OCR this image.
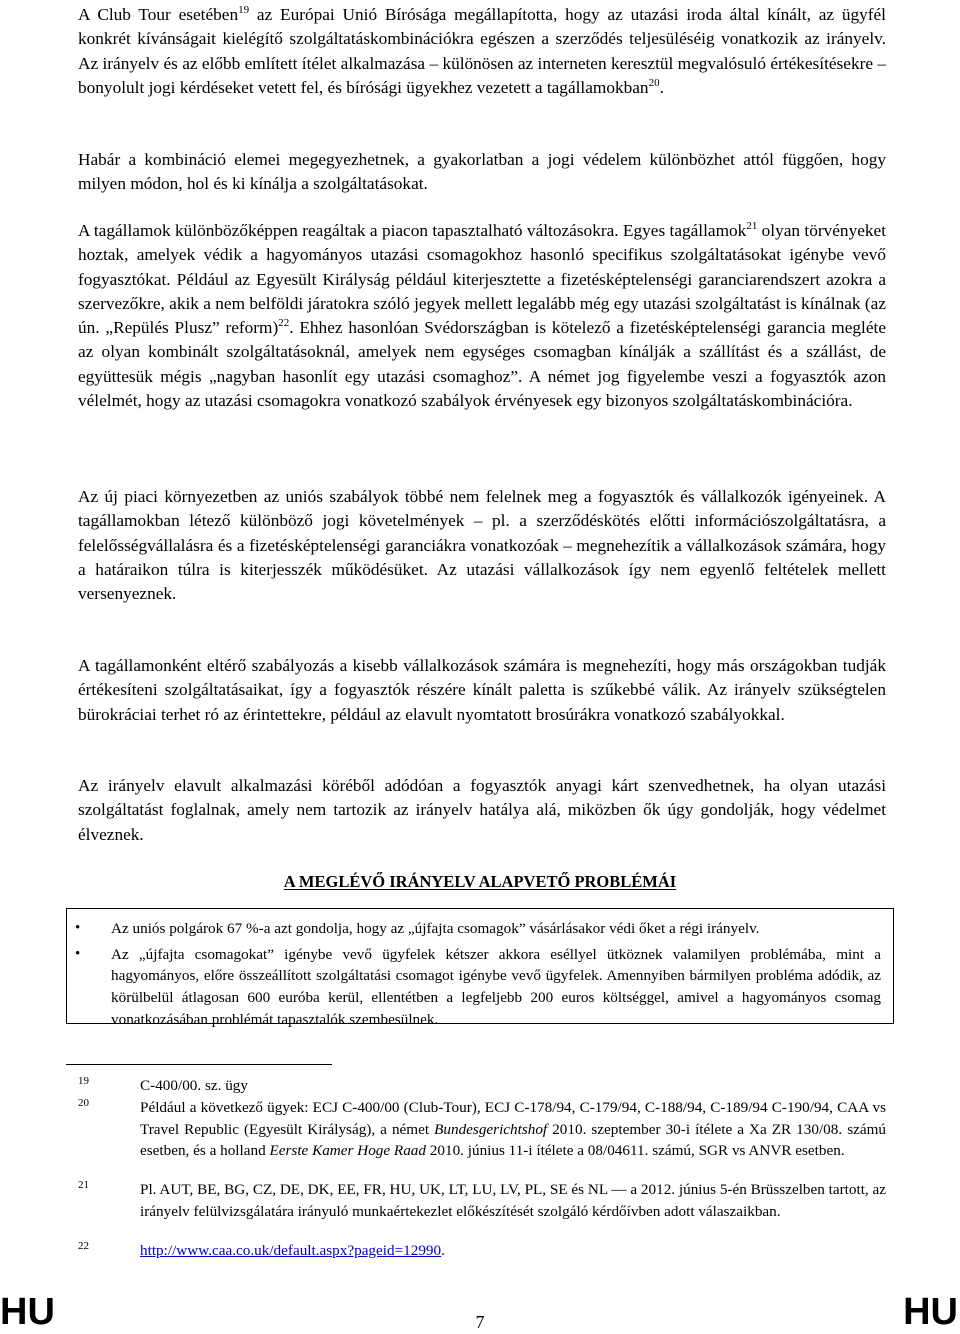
A Club Tour esetében$^{19}$ az Európai Unió Bírósága megállapította, hogy az utazási iroda által kínált, az ügyfél konkrét kívánságait kielégítő szolgáltatáskombinációkra egészen a szerződés teljesüléséig vonatkozik az irányelv. Az irányelv és az előbb említett ítélet alkalmazása – különösen az interneten keresztül megvalósuló értékesítésekre – bonyolult jogi kérdéseket vetett fel, és bírósági ügyekhez vezetett a tagállamokban$^{20}$.

Habár a kombináció elemei megegyezhetnek, a gyakorlatban a jogi védelem különbözhet attól függően, hogy milyen módon, hol és ki kínálja a szolgáltatásokat.

A tagállamok különbözőképpen reagáltak a piacon tapasztalható változásokra. Egyes tagállamok$^{21}$ olyan törvényeket hoztak, amelyek védik a hagyományos utazási csomagokhoz hasonló specifikus szolgáltatásokat igénybe vevő fogyasztókat. Például az Egyesült Királyság például kiterjesztette a fizetésképtelenségi garanciarendszert azokra a szervezőkre, akik a nem belföldi járatokra szóló jegyek mellett legalább még egy utazási szolgáltatást is kínálnak (az ún. „Repülés Plusz” reform)$^{22}$. Ehhez hasonlóan Svédországban is kötelező a fizetésképtelenségi garancia megléte az olyan kombinált szolgáltatásoknál, amelyek nem egységes csomagban kínálják a szállítást és a szállást, de együttesük mégis „nagyban hasonlít egy utazási csomaghoz”. A német jog figyelembe veszi a fogyasztók azon vélelmét, hogy az utazási csomagokra vonatkozó szabályok érvényesek egy bizonyos szolgáltatáskombinációra.

Az új piaci környezetben az uniós szabályok többé nem felelnek meg a fogyasztók és vállalkozók igényeinek. A tagállamokban létező különböző jogi követelmények – pl. a szerződéskötés előtti információszolgáltatásra, a felelősségvállalásra és a fizetésképtelenségi garanciákra vonatkozóak – megnehezítik a vállalkozások számára, hogy a határaikon túlra is kiterjesszék működésüket. Az utazási vállalkozások így nem egyenlő feltételek mellett versenyeznek.

A tagállamonként eltérő szabályozás a kisebb vállalkozások számára is megnehezíti, hogy más országokban tudják értékesíteni szolgáltatásaikat, így a fogyasztók részére kínált paletta is szűkebbé válik. Az irányelv szükségtelen bürokráciai terhet ró az érintettekre, például az elavult nyomtatott brosúrákra vonatkozó szabályokkal.

Az irányelv elavult alkalmazási köréből adódóan a fogyasztók anyagi kárt szenvedhetnek, ha olyan utazási szolgáltatást foglalnak, amely nem tartozik az irányelv hatálya alá, miközben ők úgy gondolják, hogy védelmet élveznek.

A MEGLÉVŐ IRÁNYELV ALAPVETŐ PROBLÉMÁI
• Az uniós polgárok 67 %-a azt gondolja, hogy az „újfajta csomagok” vásárlásakor védi őket a régi irányelv.
• Az „újfajta csomagokat” igénybe vevő ügyfelek kétszer akkora eséllyel ütköznek valamilyen problémába, mint a hagyományos, előre összeállított szolgáltatási csomagot igénybe vevő ügyfelek. Amennyiben bármilyen probléma adódik, az körülbelül átlagosan 600 euróba kerül, ellentétben a legfeljebb 200 euros költséggel, amivel a hagyományos csomag vonatkozásában problémát tapasztalók szembesülnek.
19	C-400/00. sz. ügy
20	Például a következő ügyek: ECJ C-400/00 (Club-Tour), ECJ C-178/94, C-179/94, C-188/94, C-189/94 C-190/94, CAA vs Travel Republic (Egyesült Királyság), a német Bundesgerichtshof 2010. szeptember 30-i ítélete a Xa ZR 130/08. számú esetben, és a holland Eerste Kamer Hoge Raad 2010. június 11-i ítélete a 08/04611. számú, SGR vs ANVR esetben.
21	Pl. AUT, BE, BG, CZ, DE, DK, EE, FR, HU, UK, LT, LU, LV, PL, SE és NL — a 2012. június 5-én Brüsszelben tartott, az irányelv felülvizsgálatára irányuló munkaértekezlet előkészítését szolgáló kérdőívben adott válaszaikban.
22	http://www.caa.co.uk/default.aspx?pageid=12990.
HU	7	HU
